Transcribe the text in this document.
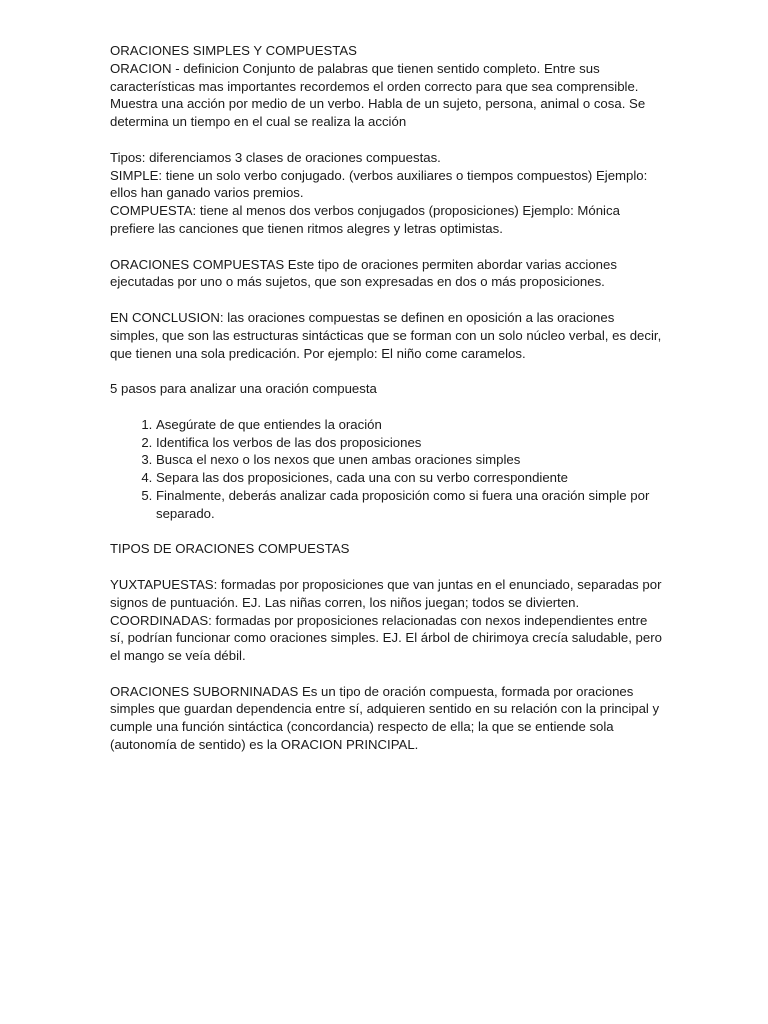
ORACIONES SIMPLES Y COMPUESTAS

ORACION - definicion Conjunto de palabras que tienen sentido completo. Entre sus características mas importantes recordemos el orden correcto para que sea comprensible. Muestra una acción por medio de un verbo. Habla de un sujeto, persona, animal o cosa. Se determina un tiempo en el cual se realiza la acción

Tipos: diferenciamos 3 clases de oraciones compuestas.

SIMPLE: tiene un solo verbo conjugado. (verbos auxiliares o tiempos compuestos) Ejemplo: ellos han ganado varios premios.

COMPUESTA: tiene al menos dos verbos conjugados (proposiciones) Ejemplo: Mónica prefiere las canciones que tienen ritmos alegres y letras optimistas.

ORACIONES COMPUESTAS Este tipo de oraciones permiten abordar varias acciones ejecutadas por uno o más sujetos, que son expresadas en dos o más proposiciones.

EN CONCLUSION: las oraciones compuestas se definen en oposición a las oraciones simples, que son las estructuras sintácticas que se forman con un solo núcleo verbal, es decir, que tienen una sola predicación. Por ejemplo: El niño come caramelos.

5 pasos para analizar una oración compuesta

1. Asegúrate de que entiendes la oración
2. Identifica los verbos de las dos proposiciones
3. Busca el nexo o los nexos que unen ambas oraciones simples
4. Separa las dos proposiciones, cada una con su verbo correspondiente
5. Finalmente, deberás analizar cada proposición como si fuera una oración simple por separado.

TIPOS DE ORACIONES COMPUESTAS

YUXTAPUESTAS: formadas por proposiciones que van juntas en el enunciado, separadas por signos de puntuación. EJ. Las niñas corren, los niños juegan; todos se divierten.

COORDINADAS: formadas por proposiciones relacionadas con nexos independientes entre sí, podrían funcionar como oraciones simples. EJ. El árbol de chirimoya crecía saludable, pero el mango se veía débil.

ORACIONES SUBORNINADAS Es un tipo de oración compuesta, formada por oraciones simples que guardan dependencia entre sí, adquieren sentido en su relación con la principal y cumple una función sintáctica (concordancia) respecto de ella; la que se entiende sola (autonomía de sentido) es la ORACION PRINCIPAL.
